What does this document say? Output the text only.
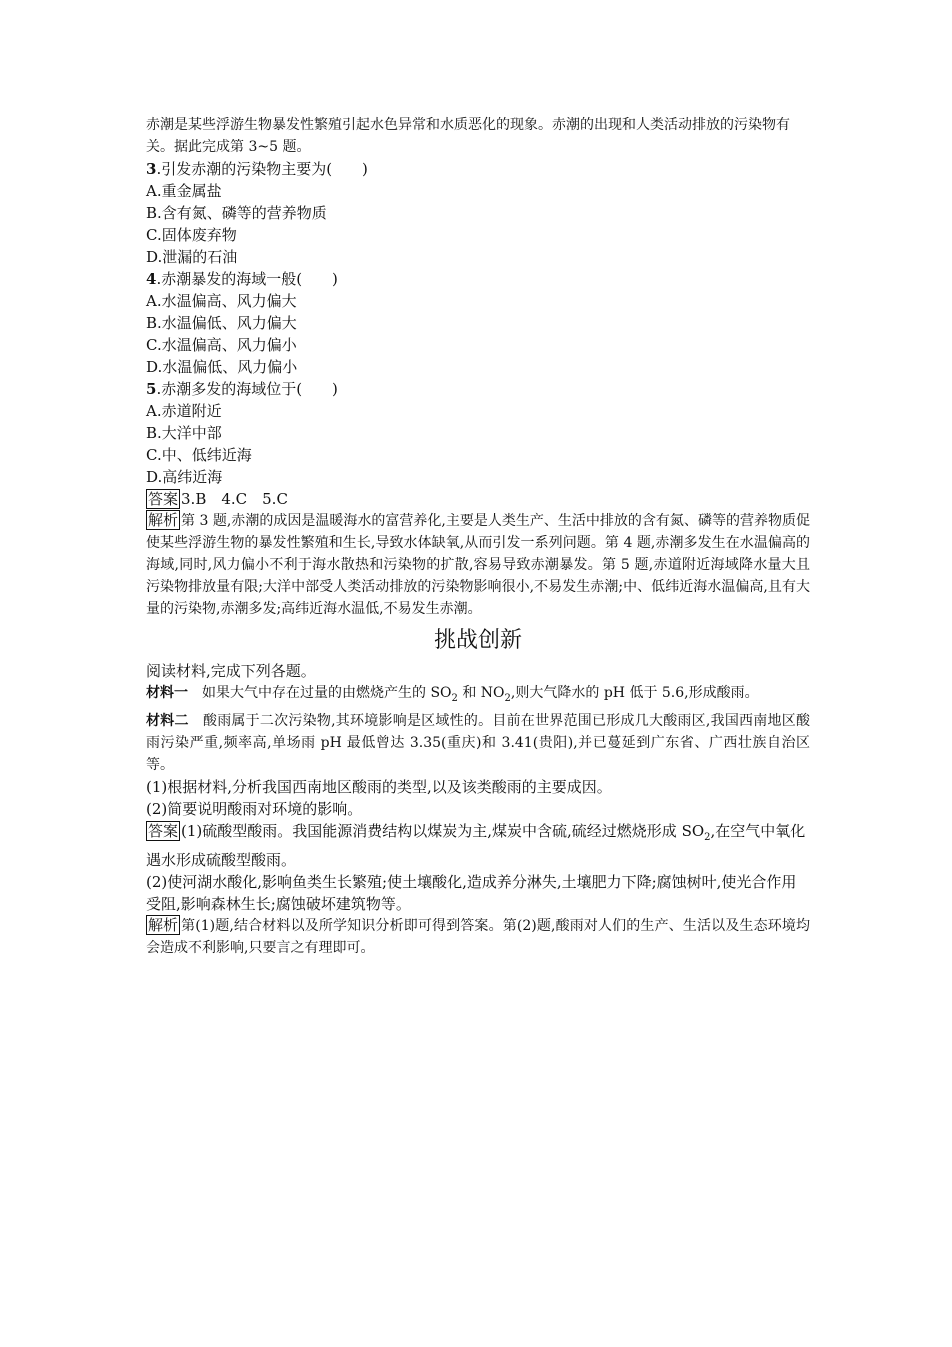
赤潮是某些浮游生物暴发性繁殖引起水色异常和水质恶化的现象。赤潮的出现和人类活动排放的污染物有关。据此完成第 3~5 题。

3.引发赤潮的污染物主要为(　　)

A.重金属盐

B.含有氮、磷等的营养物质

C.固体废弃物

D.泄漏的石油

4.赤潮暴发的海域一般(　　)

A.水温偏高、风力偏大

B.水温偏低、风力偏大

C.水温偏高、风力偏小

D.水温偏低、风力偏小

5.赤潮多发的海域位于(　　)

A.赤道附近

B.大洋中部

C.中、低纬近海

D.高纬近海

答案 3.B　4.C　5.C

解析 第 3 题,赤潮的成因是温暖海水的富营养化,主要是人类生产、生活中排放的含有氮、磷等的营养物质促使某些浮游生物的暴发性繁殖和生长,导致水体缺氧,从而引发一系列问题。第 4 题,赤潮多发生在水温偏高的海域,同时,风力偏小不利于海水散热和污染物的扩散,容易导致赤潮暴发。第 5 题,赤道附近海域降水量大且污染物排放量有限;大洋中部受人类活动排放的污染物影响很小,不易发生赤潮;中、低纬近海水温偏高,且有大量的污染物,赤潮多发;高纬近海水温低,不易发生赤潮。

挑战创新

阅读材料,完成下列各题。

材料一　如果大气中存在过量的由燃烧产生的 $SO_2$ 和 $NO_2$,则大气降水的 pH 低于 5.6,形成酸雨。

材料二　酸雨属于二次污染物,其环境影响是区域性的。目前在世界范围已形成几大酸雨区,我国西南地区酸雨污染严重,频率高,单场雨 pH 最低曾达 3.35(重庆)和 3.41(贵阳),并已蔓延到广东省、广西壮族自治区等。

(1)根据材料,分析我国西南地区酸雨的类型,以及该类酸雨的主要成因。

(2)简要说明酸雨对环境的影响。

答案 (1)硫酸型酸雨。我国能源消费结构以煤炭为主,煤炭中含硫,硫经过燃烧形成 $SO_2$,在空气中氧化遇水形成硫酸型酸雨。

(2)使河湖水酸化,影响鱼类生长繁殖;使土壤酸化,造成养分淋失,土壤肥力下降;腐蚀树叶,使光合作用受阻,影响森林生长;腐蚀破坏建筑物等。

解析 第(1)题,结合材料以及所学知识分析即可得到答案。第(2)题,酸雨对人们的生产、生活以及生态环境均会造成不利影响,只要言之有理即可。
